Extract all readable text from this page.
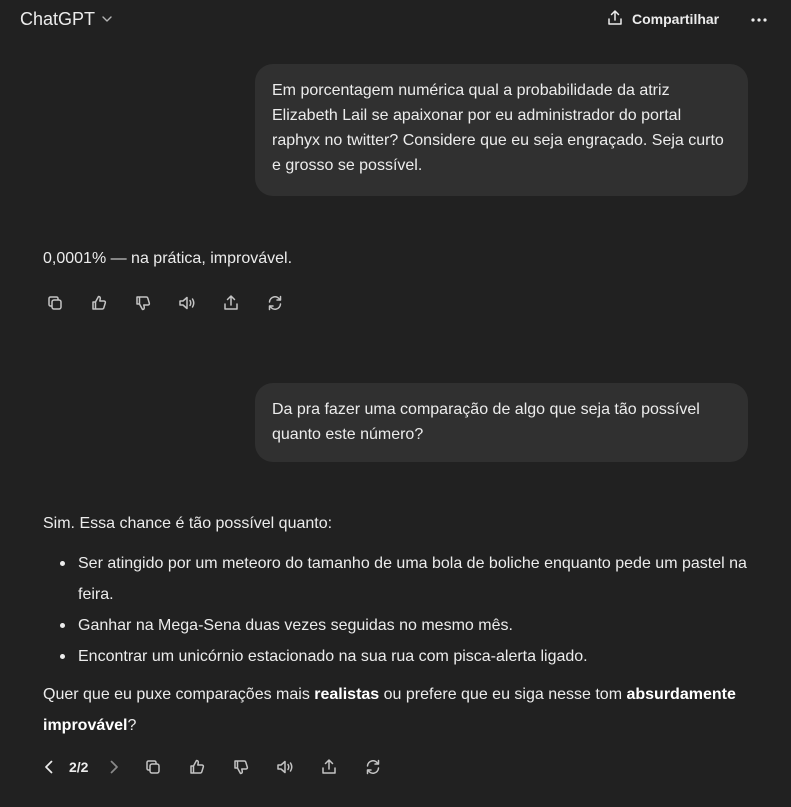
ChatGPT	Compartilhar
Em porcentagem numérica qual a probabilidade da atriz Elizabeth Lail se apaixonar por eu administrador do portal raphyx no twitter? Considere que eu seja engraçado. Seja curto e grosso se possível.
0,0001% — na prática, improvável.
Da pra fazer uma comparação de algo que seja tão possível quanto este número?
Sim. Essa chance é tão possível quanto:
Ser atingido por um meteoro do tamanho de uma bola de boliche enquanto pede um pastel na feira.
Ganhar na Mega-Sena duas vezes seguidas no mesmo mês.
Encontrar um unicórnio estacionado na sua rua com pisca-alerta ligado.
Quer que eu puxe comparações mais realistas ou prefere que eu siga nesse tom absurdamente improvável?
2/2
